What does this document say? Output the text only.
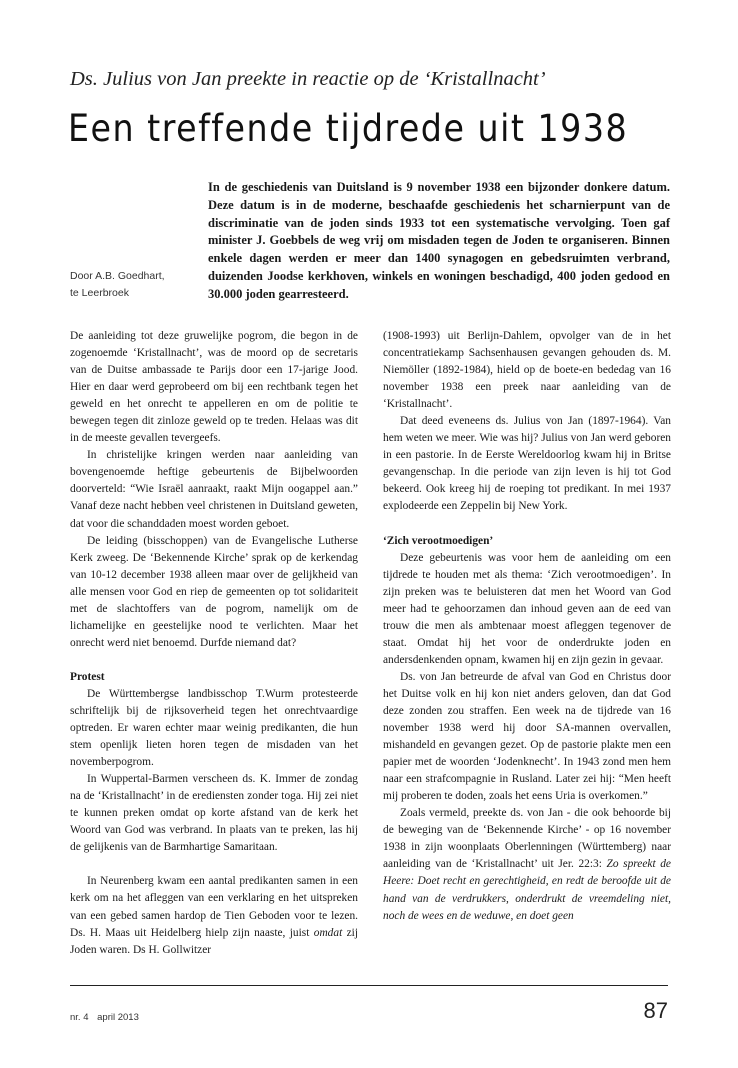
Ds. Julius von Jan preekte in reactie op de ‘Kristallnacht’
Een treffende tijdrede uit 1938
In de geschiedenis van Duitsland is 9 november 1938 een bijzonder donkere datum. Deze datum is in de moderne, beschaafde geschiedenis het scharnierpunt van de discriminatie van de joden sinds 1933 tot een systematische vervolging. Toen gaf minister J. Goebbels de weg vrij om misdaden tegen de Joden te organiseren. Binnen enkele dagen werden er meer dan 1400 synagogen en gebedsruimten verbrand, duizenden Joodse kerkhoven, winkels en woningen beschadigd, 400 joden gedood en 30.000 joden gearresteerd.
Door A.B. Goedhart,
te Leerbroek

De aanleiding tot deze gruwelijke pogrom, die begon in de zogenoemde ‘Kristallnacht’, was de moord op de secretaris van de Duitse ambassade te Parijs door een 17-jarige Jood. Hier en daar werd geprobeerd om bij een rechtbank tegen het geweld en het onrecht te appelleren en om de politie te bewegen tegen dit zinloze geweld op te treden. Helaas was dit in de meeste gevallen tevergeefs.

In christelijke kringen werden naar aanleiding van bovengenoemde heftige gebeurtenis de Bijbelwoorden doorverteld: “Wie Israël aanraakt, raakt Mijn oogappel aan.” Vanaf deze nacht hebben veel christenen in Duitsland geweten, dat voor die schanddaden moest worden geboet.

De leiding (bisschoppen) van de Evangelische Lutherse Kerk zweeg. De ‘Bekennende Kirche’ sprak op de kerkendag van 10-12 december 1938 alleen maar over de gelijkheid van alle mensen voor God en riep de gemeenten op tot solidariteit met de slachtoffers van de pogrom, namelijk om de lichamelijke en geestelijke nood te verlichten. Maar het onrecht werd niet benoemd. Durfde niemand dat?

Protest

De Württembergse landbisschop T.Wurm protesteerde schriftelijk bij de rijksoverheid tegen het onrechtvaardige optreden. Er waren echter maar weinig predikanten, die hun stem openlijk lieten horen tegen de misdaden van het novemberpogrom.

In Wuppertal-Barmen verscheen ds. K. Immer de zondag na de ‘Kristallnacht’ in de erediensten zonder toga. Hij zei niet te kunnen preken omdat op korte afstand van de kerk het Woord van God was verbrand. In plaats van te preken, las hij de gelijkenis van de Barmhartige Samaritaan.

In Neurenberg kwam een aantal predikanten samen in een kerk om na het afleggen van een verklaring en het uitspreken van een gebed samen hardop de Tien Geboden voor te lezen. Ds. H. Maas uit Heidelberg hielp zijn naaste, juist omdat zij Joden waren. Ds H. Gollwitzer

(1908-1993) uit Berlijn-Dahlem, opvolger van de in het concentratiekamp Sachsenhausen gevangen gehouden ds. M. Niemöller (1892-1984), hield op de boete-en bededag van 16 november 1938 een preek naar aanleiding van de ‘Kristallnacht’.

Dat deed eveneens ds. Julius von Jan (1897-1964). Van hem weten we meer. Wie was hij? Julius von Jan werd geboren in een pastorie. In de Eerste Wereldoorlog kwam hij in Britse gevangenschap. In die periode van zijn leven is hij tot God bekeerd. Ook kreeg hij de roeping tot predikant. In mei 1937 explodeerde een Zeppelin bij New York.

‘Zich verootmoedigen’

Deze gebeurtenis was voor hem de aanleiding om een tijdrede te houden met als thema: ‘Zich verootmoedigen’. In zijn preken was te beluisteren dat men het Woord van God meer had te gehoorzamen dan inhoud geven aan de eed van trouw die men als ambtenaar moest afleggen tegenover de staat. Omdat hij het voor de onderdrukte joden en andersdenkenden opnam, kwamen hij en zijn gezin in gevaar.

Ds. von Jan betreurde de afval van God en Christus door het Duitse volk en hij kon niet anders geloven, dan dat God deze zonden zou straffen. Een week na de tijdrede van 16 november 1938 werd hij door SA-mannen overvallen, mishandeld en gevangen gezet. Op de pastorie plakte men een papier met de woorden ‘Jodenknecht’. In 1943 zond men hem naar een strafcompagnie in Rusland. Later zei hij: “Men heeft mij proberen te doden, zoals het eens Uria is overkomen.”

Zoals vermeld, preekte ds. von Jan - die ook behoorde bij de beweging van de ‘Bekennende Kirche’ - op 16 november 1938 in zijn woonplaats Oberlenningen (Württemberg) naar aanleiding van de ‘Kristallnacht’ uit Jer. 22:3: Zo spreekt de Heere: Doet recht en gerechtigheid, en redt de beroofde uit de hand van de verdrukkers, onderdrukt de vreemdeling niet, noch de wees en de weduwe, en doet geen

nr. 4 april 2013	87
